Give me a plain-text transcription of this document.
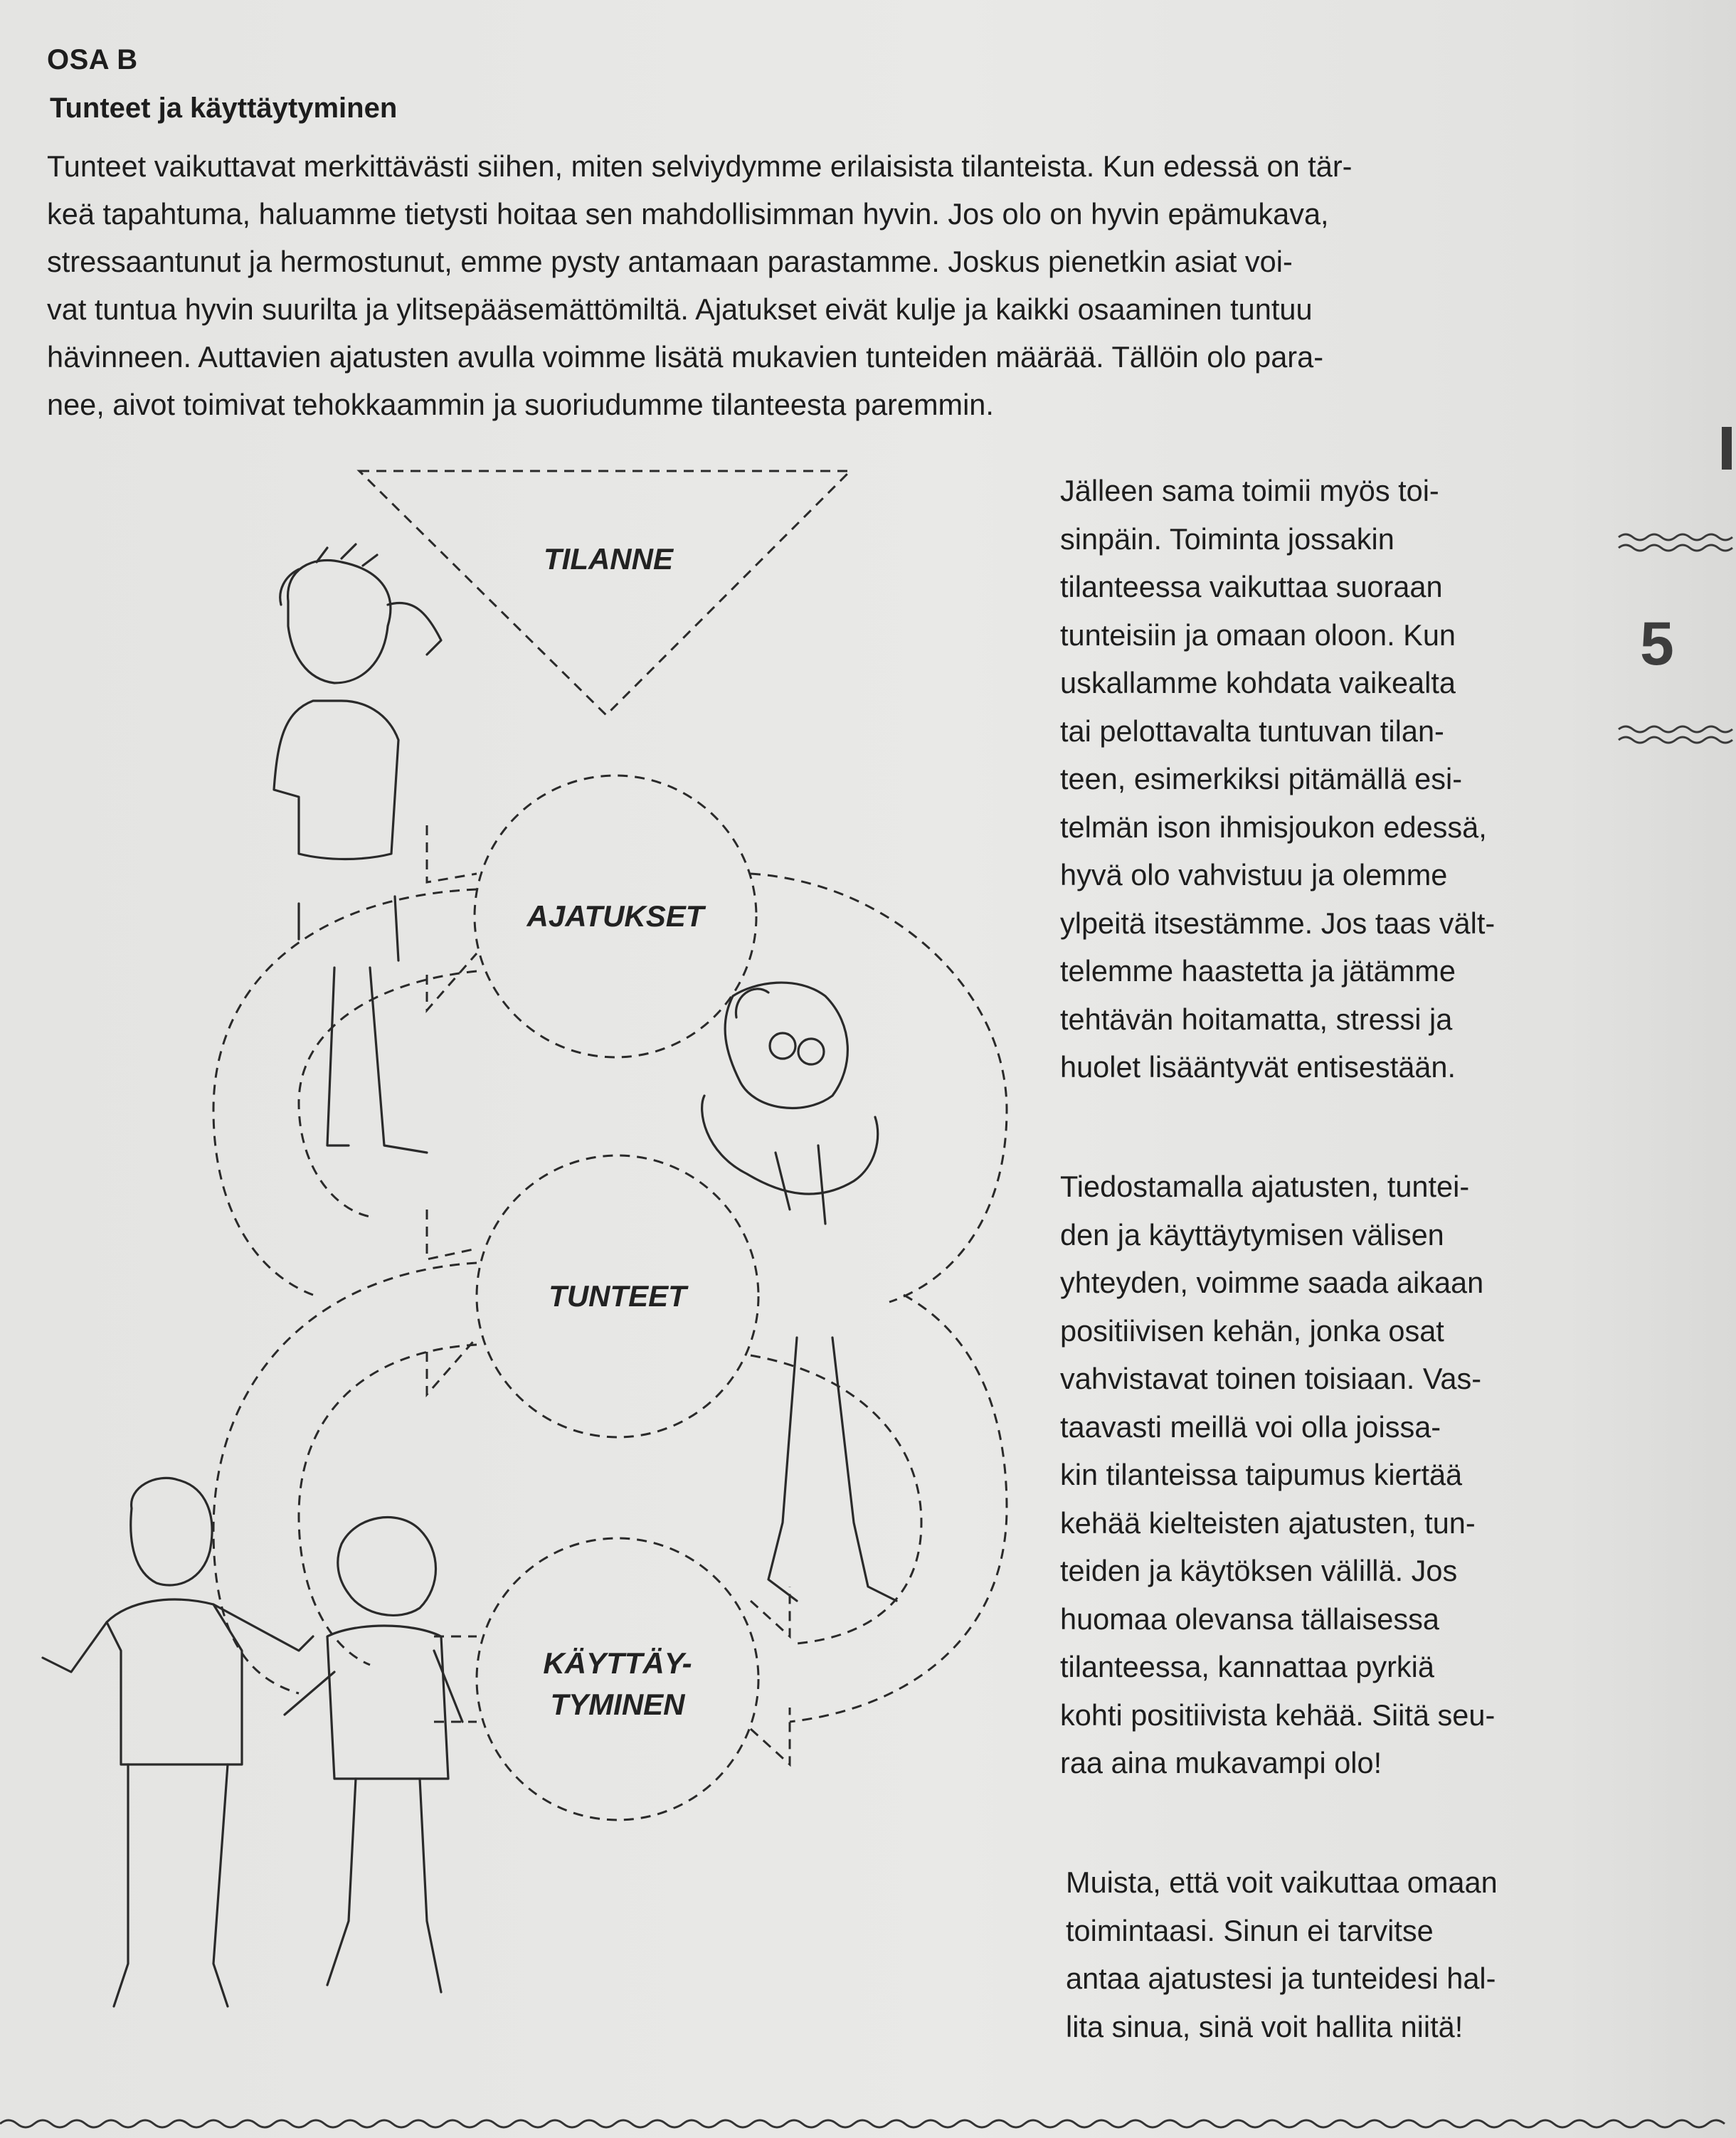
OSA B
Tunteet ja käyttäytyminen
Tunteet vaikuttavat merkittävästi siihen, miten selviydymme erilaisista tilanteista. Kun edessä on tär-
keä tapahtuma, haluamme tietysti hoitaa sen mahdollisimman hyvin. Jos olo on hyvin epämukava,
stressaantunut ja hermostunut, emme pysty antamaan parastamme. Joskus pienetkin asiat voi-
vat tuntua hyvin suurilta ja ylitsepääsemättömiltä. Ajatukset eivät kulje ja kaikki osaaminen tuntuu
hävinneen. Auttavien ajatusten avulla voimme lisätä mukavien tunteiden määrää. Tällöin olo para-
nee, aivot toimivat tehokkaammin ja suoriudumme tilanteesta paremmin.
TILANNE
AJATUKSET
TUNTEET
KÄYTTÄY-
TYMINEN
Jälleen sama toimii myös toi-
sinpäin. Toiminta jossakin
tilanteessa vaikuttaa suoraan
tunteisiin ja omaan oloon. Kun
uskallamme kohdata vaikealta
tai pelottavalta tuntuvan tilan-
teen, esimerkiksi pitämällä esi-
telmän ison ihmisjoukon edessä,
hyvä olo vahvistuu ja olemme
ylpeitä itsestämme. Jos taas vält-
telemme haastetta ja jätämme
tehtävän hoitamatta, stressi ja
huolet lisääntyvät entisestään.
Tiedostamalla ajatusten, tuntei-
den ja käyttäytymisen välisen
yhteyden, voimme saada aikaan
positiivisen kehän, jonka osat
vahvistavat toinen toisiaan. Vas-
taavasti meillä voi olla joissa-
kin tilanteissa taipumus kiertää
kehää kielteisten ajatusten, tun-
teiden ja käytöksen välillä. Jos
huomaa olevansa tällaisessa
tilanteessa, kannattaa pyrkiä
kohti positiivista kehää. Siitä seu-
raa aina mukavampi olo!
Muista, että voit vaikuttaa omaan
toimintaasi. Sinun ei tarvitse
antaa ajatustesi ja tunteidesi hal-
lita sinua, sinä voit hallita niitä!
5
